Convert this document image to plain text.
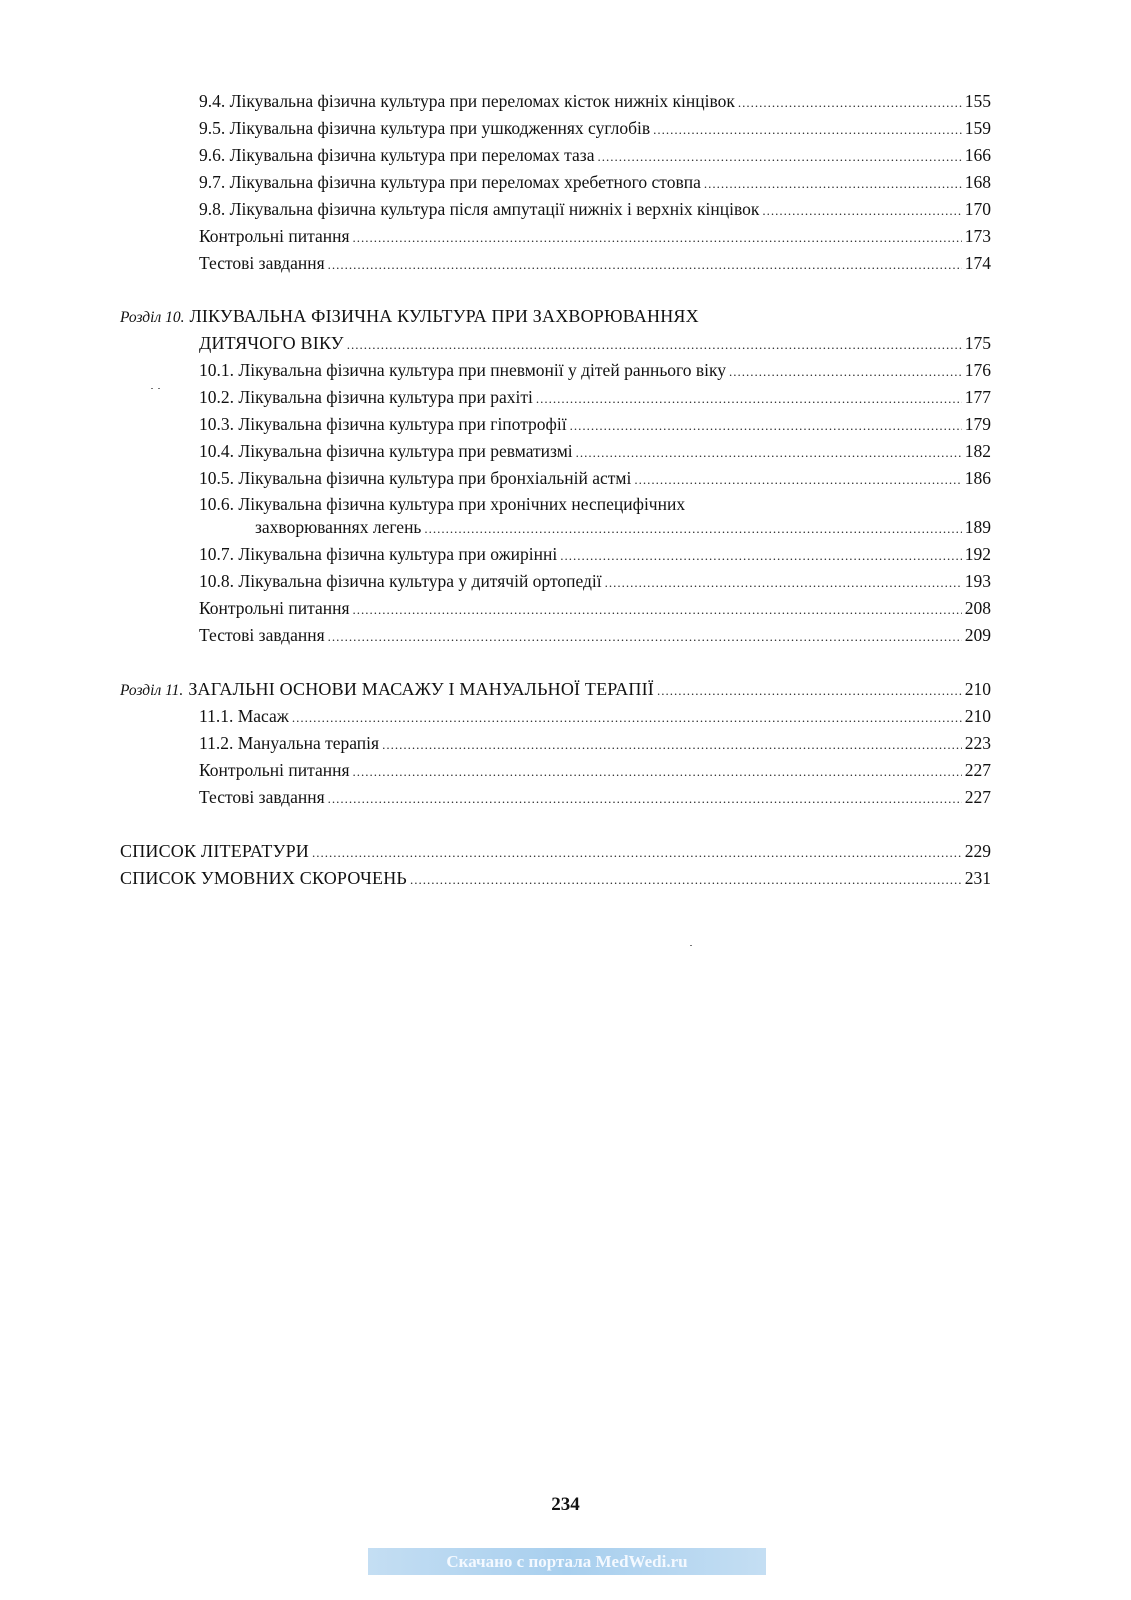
9.4. Лікувальна фізична культура при переломах кісток нижніх кінцівок .....	155
9.5. Лікувальна фізична культура при ушкодженнях суглобів .....	159
9.6. Лікувальна фізична культура при переломах таза .....	166
9.7. Лікувальна фізична культура при переломах хребетного стовпа .....	168
9.8. Лікувальна фізична культура після ампутації нижніх і верхніх кінцівок .....	170
Контрольні питання .....	173
Тестові завдання .....	174
Розділ 10. ЛІКУВАЛЬНА ФІЗИЧНА КУЛЬТУРА ПРИ ЗАХВОРЮВАННЯХ
ДИТЯЧОГО ВІКУ .....	175
10.1. Лікувальна фізична культура при пневмонії у дітей раннього віку .....	176
10.2. Лікувальна фізична культура при рахіті .....	177
10.3. Лікувальна фізична культура при гіпотрофії .....	179
10.4. Лікувальна фізична культура при ревматизмі .....	182
10.5. Лікувальна фізична культура при бронхіальній астмі .....	186
10.6. Лікувальна фізична культура при хронічних неспецифічних
захворюваннях легень .....	189
10.7. Лікувальна фізична культура при ожирінні .....	192
10.8. Лікувальна фізична культура у дитячій ортопедії .....	193
Контрольні питання .....	208
Тестові завдання .....	209
Розділ 11. ЗАГАЛЬНІ ОСНОВИ МАСАЖУ І МАНУАЛЬНОЇ ТЕРАПІЇ .....	210
11.1. Масаж .....	210
11.2. Мануальна терапія .....	223
Контрольні питання .....	227
Тестові завдання .....	227
СПИСОК ЛІТЕРАТУРИ .....	229
СПИСОК УМОВНИХ СКОРОЧЕНЬ .....	231
234
Скачано с портала MedWedi.ru
